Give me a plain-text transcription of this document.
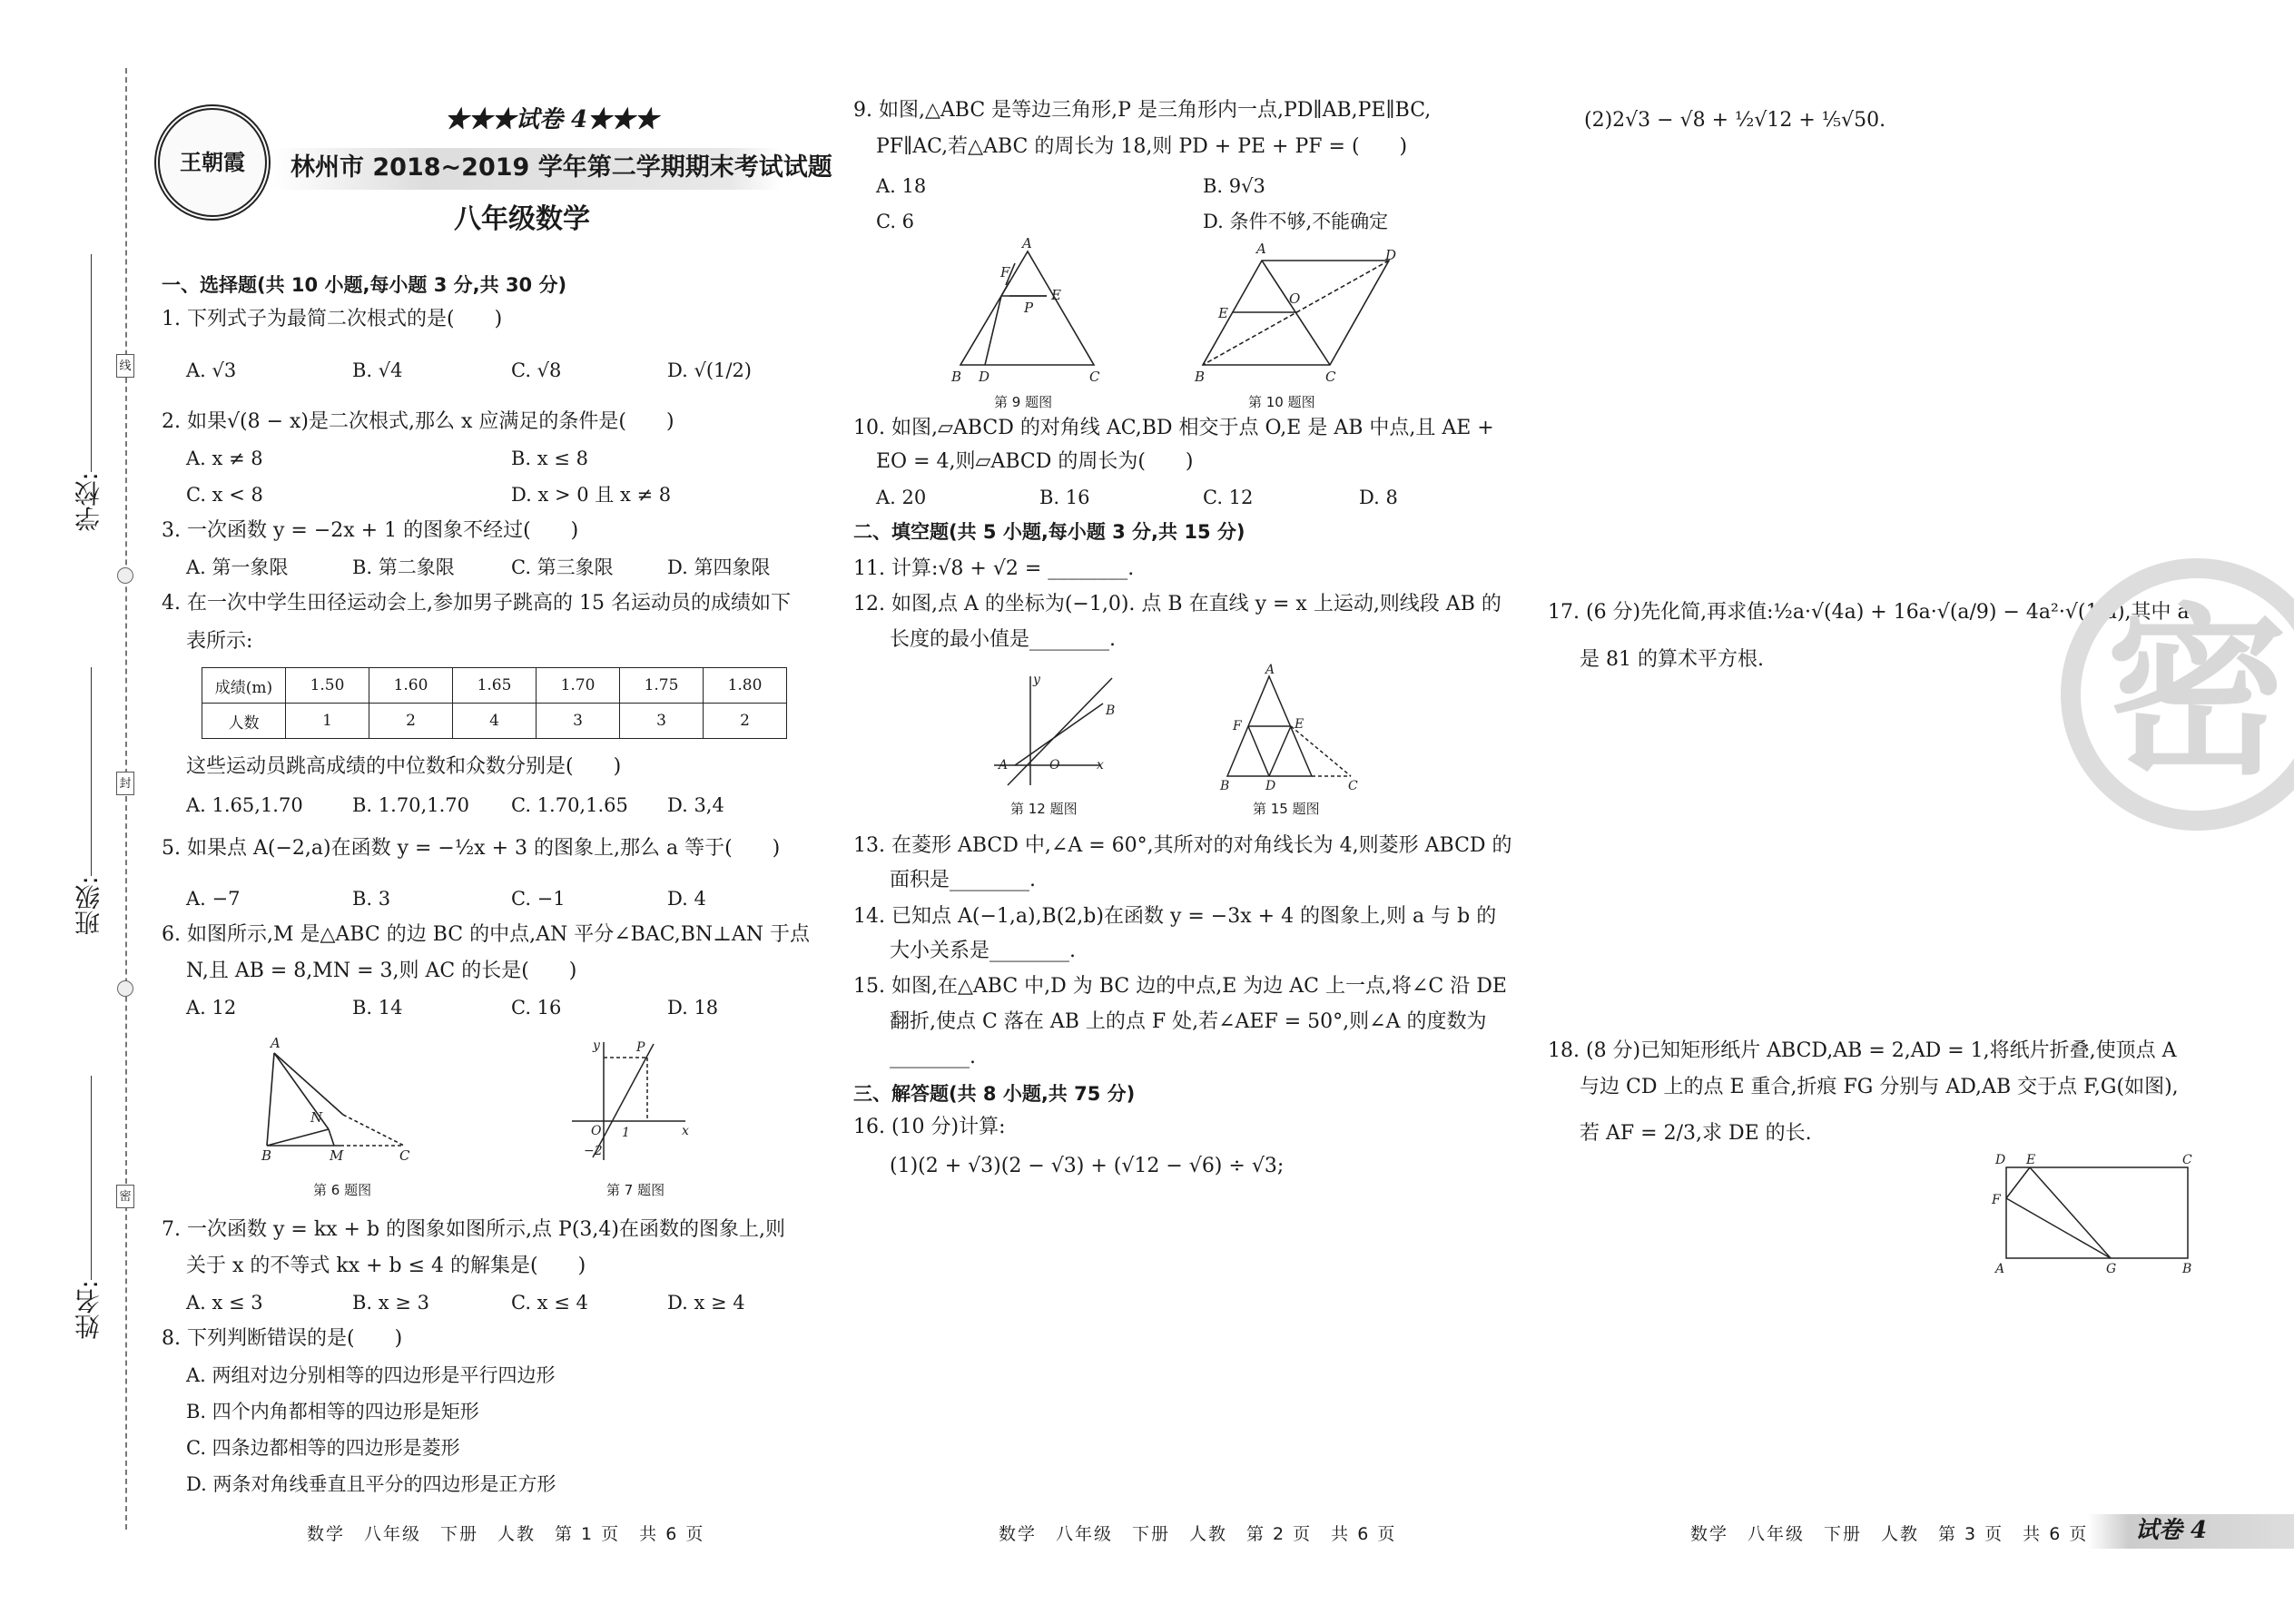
线
封
密
学校:
班级:
姓名:
王朝霞
★★★试卷 4★★★
林州市 2018~2019 学年第二学期期末考试试题
八年级数学
一、选择题(共 10 小题,每小题 3 分,共 30 分)
1. 下列式子为最简二次根式的是(　　)
A. √3	B. √4	C. √8	D. √(1/2)
2. 如果√(8 − x)是二次根式,那么 x 应满足的条件是(　　)
A. x ≠ 8	B. x ≤ 8
C. x < 8	D. x > 0 且 x ≠ 8
3. 一次函数 y = −2x + 1 的图象不经过(　　)
A. 第一象限	B. 第二象限	C. 第三象限	D. 第四象限
4. 在一次中学生田径运动会上,参加男子跳高的 15 名运动员的成绩如下
表所示:
成绩(m)	1.50	1.60	1.65	1.70	1.75	1.80
人数	1	2	4	3	3	2
这些运动员跳高成绩的中位数和众数分别是(　　)
A. 1.65,1.70	B. 1.70,1.70 C. 1.70,1.65 D. 3,4
5. 如果点 A(−2,a)在函数 y = −½x + 3 的图象上,那么 a 等于(　　)
A. −7	B. 3	C. −1	D. 4
6. 如图所示,M 是△ABC 的边 BC 的中点,AN 平分∠BAC,BN⊥AN 于点
N,且 AB = 8,MN = 3,则 AC 的长是(　　)
A. 12	B. 14	C. 16	D. 18
A
B	M	C
N
第 6 题图
y	P
x
O 1
−2
第 7 题图
7. 一次函数 y = kx + b 的图象如图所示,点 P(3,4)在函数的图象上,则
关于 x 的不等式 kx + b ≤ 4 的解集是(　　)
A. x ≤ 3	B. x ≥ 3	C. x ≤ 4	D. x ≥ 4
8. 下列判断错误的是(　　)
A. 两组对边分别相等的四边形是平行四边形
B. 四个内角都相等的四边形是矩形
C. 四条边都相等的四边形是菱形
D. 两条对角线垂直且平分的四边形是正方形
数学　八年级　下册　人教　第 1 页　共 6 页
9. 如图,△ABC 是等边三角形,P 是三角形内一点,PD∥AB,PE∥BC,
PF∥AC,若△ABC 的周长为 18,则 PD + PE + PF = (　　)
A. 18	B. 9√3
C. 6	D. 条件不够,不能确定
A
F
E
P
B D	C
第 9 题图
A	D
E
O
B	C
第 10 题图
10. 如图,▱ABCD 的对角线 AC,BD 相交于点 O,E 是 AB 中点,且 AE +
EO = 4,则▱ABCD 的周长为(　　)
A. 20	B. 16	C. 12	D. 8
二、填空题(共 5 小题,每小题 3 分,共 15 分)
11. 计算:√8 + √2 = ________.
12. 如图,点 A 的坐标为(−1,0). 点 B 在直线 y = x 上运动,则线段 AB 的
长度的最小值是________.
y
B
A	O	x
第 12 题图
A
F	E
B	D	C
第 15 题图
13. 在菱形 ABCD 中,∠A = 60°,其所对的对角线长为 4,则菱形 ABCD 的
面积是________.
14. 已知点 A(−1,a),B(2,b)在函数 y = −3x + 4 的图象上,则 a 与 b 的
大小关系是________.
15. 如图,在△ABC 中,D 为 BC 边的中点,E 为边 AC 上一点,将∠C 沿 DE
翻折,使点 C 落在 AB 上的点 F 处,若∠AEF = 50°,则∠A 的度数为
________.
三、解答题(共 8 小题,共 75 分)
16. (10 分)计算:
(1)(2 + √3)(2 − √3) + (√12 − √6) ÷ √3;
数学　八年级　下册　人教　第 2 页　共 6 页
(2)2√3 − √8 + ½√12 + ⅕√50.
17. (6 分)先化简,再求值:½a·√(4a) + 16a·√(a/9) − 4a²·√(1/a),其中 a
是 81 的算术平方根.
18. (8 分)已知矩形纸片 ABCD,AB = 2,AD = 1,将纸片折叠,使顶点 A
与边 CD 上的点 E 重合,折痕 FG 分别与 AD,AB 交于点 F,G(如图),
若 AF = 2/3,求 DE 的长.
D E	C
F
A	G	B
密
数学　八年级　下册　人教　第 3 页　共 6 页 试卷 4
